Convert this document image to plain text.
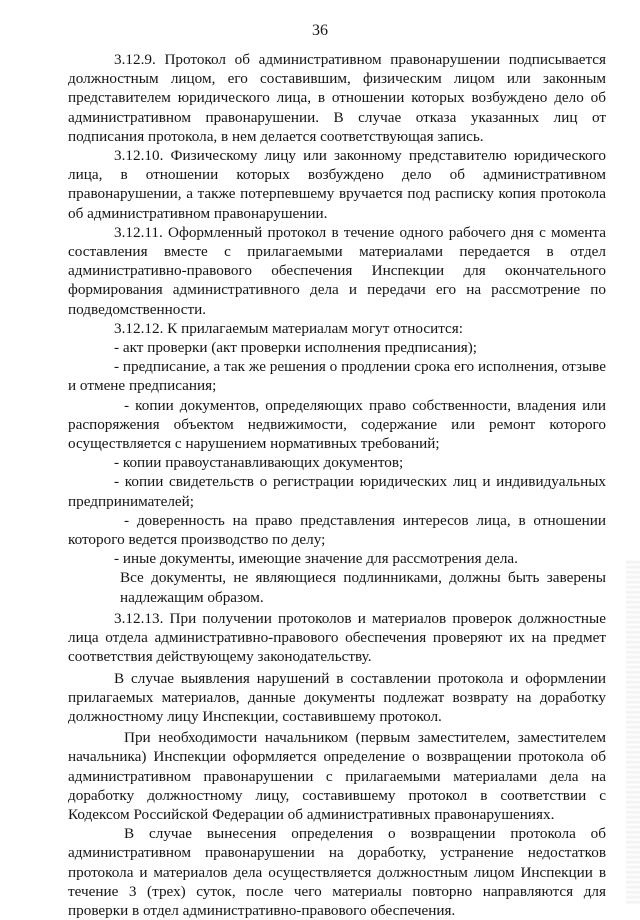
36

3.12.9. Протокол об административном правонарушении подписывается должностным лицом, его составившим, физическим лицом или законным представителем юридического лица, в отношении которых возбуждено дело об административном правонарушении. В случае отказа указанных лиц от подписания протокола, в нем делается соответствующая запись.

3.12.10. Физическому лицу или законному представителю юридического лица, в отношении которых возбуждено дело об административном правонарушении, а также потерпевшему вручается под расписку копия протокола об административном правонарушении.

3.12.11. Оформленный протокол в течение одного рабочего дня с момента составления вместе с прилагаемыми материалами передается в отдел административно-правового обеспечения Инспекции для окончательного формирования административного дела и передачи его на рассмотрение по подведомственности.

3.12.12. К прилагаемым материалам могут относится:

- акт проверки (акт проверки исполнения предписания);

- предписание, а так же решения о продлении срока его исполнения, отзыве и отмене предписания;

- копии документов, определяющих право собственности, владения или распоряжения объектом недвижимости, содержание или ремонт которого осуществляется с нарушением нормативных требований;

- копии правоустанавливающих документов;

- копии свидетельств о регистрации юридических лиц и индивидуальных предпринимателей;

- доверенность на право представления интересов лица, в отношении которого ведется производство по делу;

- иные документы, имеющие значение для рассмотрения дела.

Все документы, не являющиеся подлинниками, должны быть заверены надлежащим образом.

3.12.13. При получении протоколов и материалов проверок должностные лица отдела административно-правового обеспечения проверяют их на предмет соответствия действующему законодательству.

В случае выявления нарушений в составлении протокола и оформлении прилагаемых материалов, данные документы подлежат возврату на доработку должностному лицу Инспекции, составившему протокол.

При необходимости начальником (первым заместителем, заместителем начальника) Инспекции оформляется определение о возвращении протокола об административном правонарушении с прилагаемыми материалами дела на доработку должностному лицу, составившему протокол в соответствии с Кодексом Российской Федерации об административных правонарушениях.

В случае вынесения определения о возвращении протокола об административном правонарушении на доработку, устранение недостатков протокола и материалов дела осуществляется должностным лицом Инспекции в течение 3 (трех) суток, после чего материалы повторно направляются для проверки в отдел административно-правового обеспечения.
